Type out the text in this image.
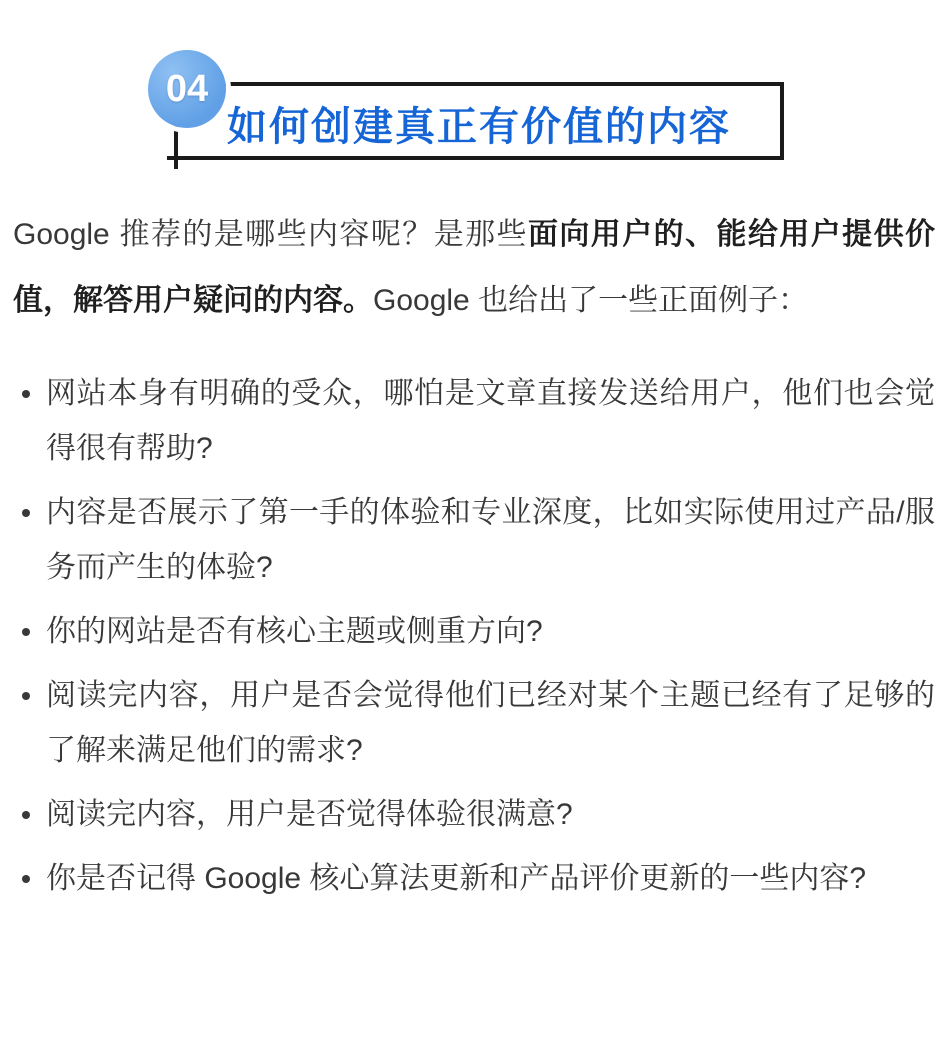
04
如何创建真正有价值的内容

Google 推荐的是哪些内容呢？是那些面向用户的、能给用户提供价值，解答用户疑问的内容。Google 也给出了一些正面例子：

网站本身有明确的受众，哪怕是文章直接发送给用户，他们也会觉得很有帮助?
内容是否展示了第一手的体验和专业深度，比如实际使用过产品/服务而产生的体验?
你的网站是否有核心主题或侧重方向?
阅读完内容，用户是否会觉得他们已经对某个主题已经有了足够的了解来满足他们的需求?
阅读完内容，用户是否觉得体验很满意?
你是否记得 Google 核心算法更新和产品评价更新的一些内容?
